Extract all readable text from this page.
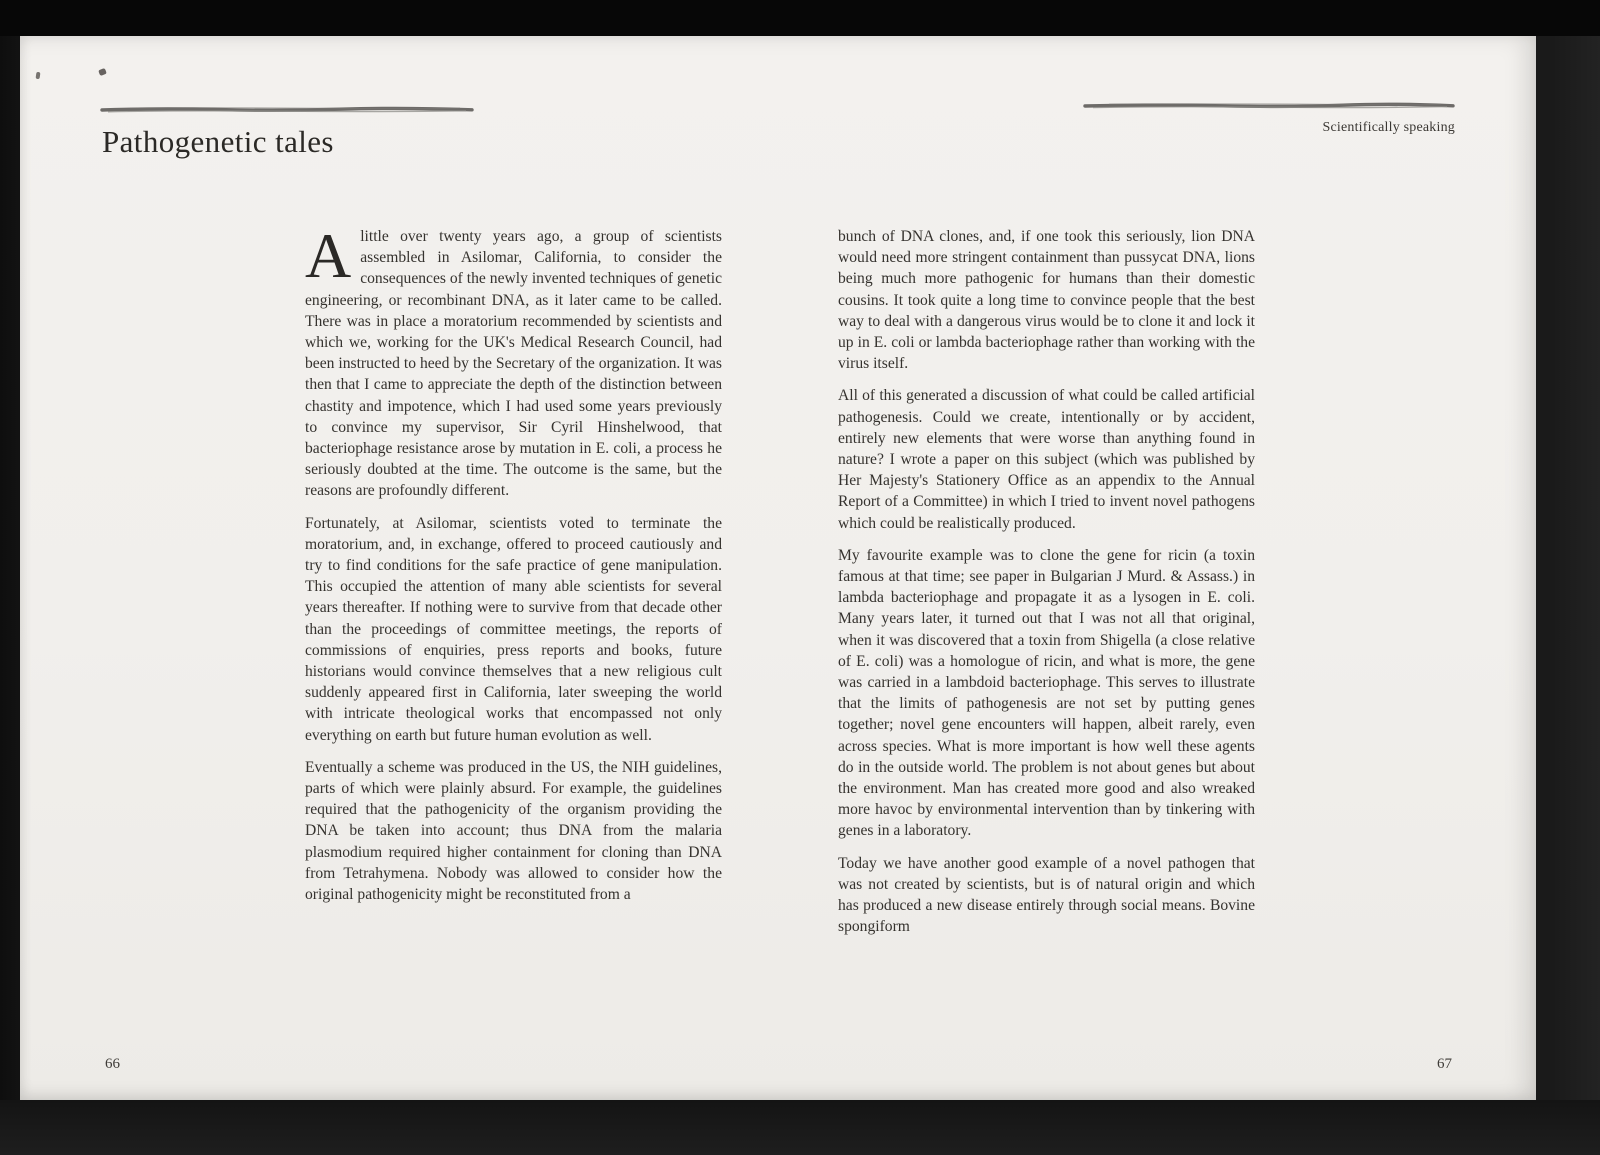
Pathogenetic tales	Scientifically speaking

Alittle over twenty years ago, a group of scientists assembled in Asilomar, California, to consider the consequences of the newly invented techniques of genetic engineering, or recombinant DNA, as it later came to be called. There was in place a moratorium recommended by scientists and which we, working for the UK's Medical Research Council, had been instructed to heed by the Secretary of the organization. It was then that I came to appreciate the depth of the distinction between chastity and impotence, which I had used some years previously to convince my supervisor, Sir Cyril Hinshelwood, that bacteriophage resistance arose by mutation in E. coli, a process he seriously doubted at the time. The outcome is the same, but the reasons are profoundly different.

Fortunately, at Asilomar, scientists voted to terminate the moratorium, and, in exchange, offered to proceed cautiously and try to find conditions for the safe practice of gene manipulation. This occupied the attention of many able scientists for several years thereafter. If nothing were to survive from that decade other than the proceedings of committee meetings, the reports of commissions of enquiries, press reports and books, future historians would convince themselves that a new religious cult suddenly appeared first in California, later sweeping the world with intricate theological works that encompassed not only everything on earth but future human evolution as well.

Eventually a scheme was produced in the US, the NIH guidelines, parts of which were plainly absurd. For example, the guidelines required that the pathogenicity of the organism providing the DNA be taken into account; thus DNA from the malaria plasmodium required higher containment for cloning than DNA from Tetrahymena. Nobody was allowed to consider how the original pathogenicity might be reconstituted from a

bunch of DNA clones, and, if one took this seriously, lion DNA would need more stringent containment than pussycat DNA, lions being much more pathogenic for humans than their domestic cousins. It took quite a long time to convince people that the best way to deal with a dangerous virus would be to clone it and lock it up in E. coli or lambda bacteriophage rather than working with the virus itself.

All of this generated a discussion of what could be called artificial pathogenesis. Could we create, intentionally or by accident, entirely new elements that were worse than anything found in nature? I wrote a paper on this subject (which was published by Her Majesty's Stationery Office as an appendix to the Annual Report of a Committee) in which I tried to invent novel pathogens which could be realistically produced.

My favourite example was to clone the gene for ricin (a toxin famous at that time; see paper in Bulgarian J Murd. & Assass.) in lambda bacteriophage and propagate it as a lysogen in E. coli. Many years later, it turned out that I was not all that original, when it was discovered that a toxin from Shigella (a close relative of E. coli) was a homologue of ricin, and what is more, the gene was carried in a lambdoid bacteriophage. This serves to illustrate that the limits of pathogenesis are not set by putting genes together; novel gene encounters will happen, albeit rarely, even across species. What is more important is how well these agents do in the outside world. The problem is not about genes but about the environment. Man has created more good and also wreaked more havoc by environmental intervention than by tinkering with genes in a laboratory.

Today we have another good example of a novel pathogen that was not created by scientists, but is of natural origin and which has produced a new disease entirely through social means. Bovine spongiform

66	67
